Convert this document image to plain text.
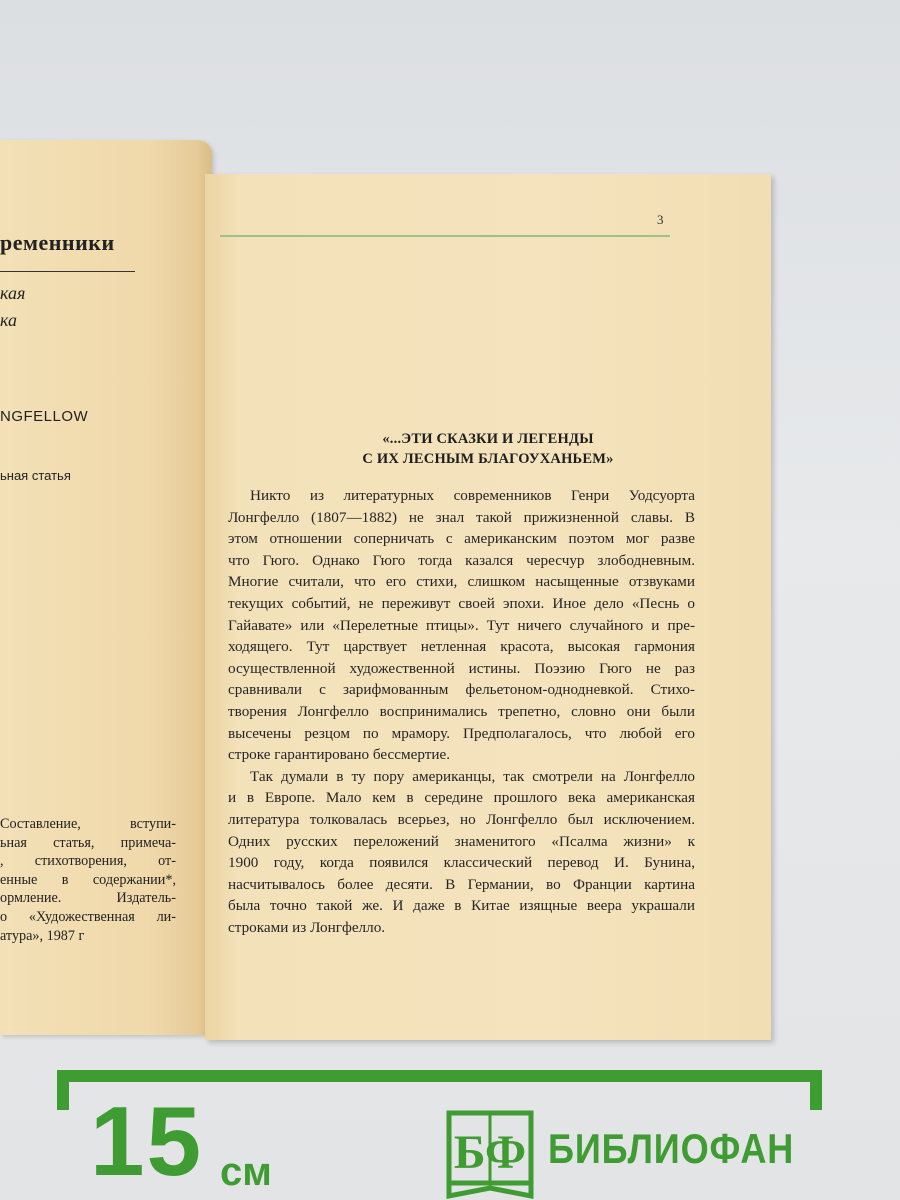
ременники
кая
ка
NGFELLOW
ьная статья
Составление, вступи-
ьная статья, примеча-
, стихотворения, от-
енные в содержании*,
ормление. Издатель-
о «Художественная ли-
атура», 1987 г
3
«...ЭТИ СКАЗКИ И ЛЕГЕНДЫ
С ИХ ЛЕСНЫМ БЛАГОУХАНЬЕМ»
Никто из литературных современников Генри Уодсуорта
Лонгфелло (1807—1882) не знал такой прижизненной славы. В
этом отношении соперничать с американским поэтом мог разве
что Гюго. Однако Гюго тогда казался чересчур злободневным.
Многие считали, что его стихи, слишком насыщенные отзвуками
текущих событий, не переживут своей эпохи. Иное дело «Песнь о
Гайавате» или «Перелетные птицы». Тут ничего случайного и пре-
ходящего. Тут царствует нетленная красота, высокая гармония
осуществленной художественной истины. Поэзию Гюго не раз
сравнивали с зарифмованным фельетоном-однодневкой. Стихо-
творения Лонгфелло воспринимались трепетно, словно они были
высечены резцом по мрамору. Предполагалось, что любой его
строке гарантировано бессмертие.
Так думали в ту пору американцы, так смотрели на Лонгфелло
и в Европе. Мало кем в середине прошлого века американская
литература толковалась всерьез, но Лонгфелло был исключением.
Одних русских переложений знаменитого «Псалма жизни» к
1900 году, когда появился классический перевод И. Бунина,
насчитывалось более десяти. В Германии, во Франции картина
была точно такой же. И даже в Китае изящные веера украшали
строками из Лонгфелло.
15 см	БФ БИБЛИОФАН
